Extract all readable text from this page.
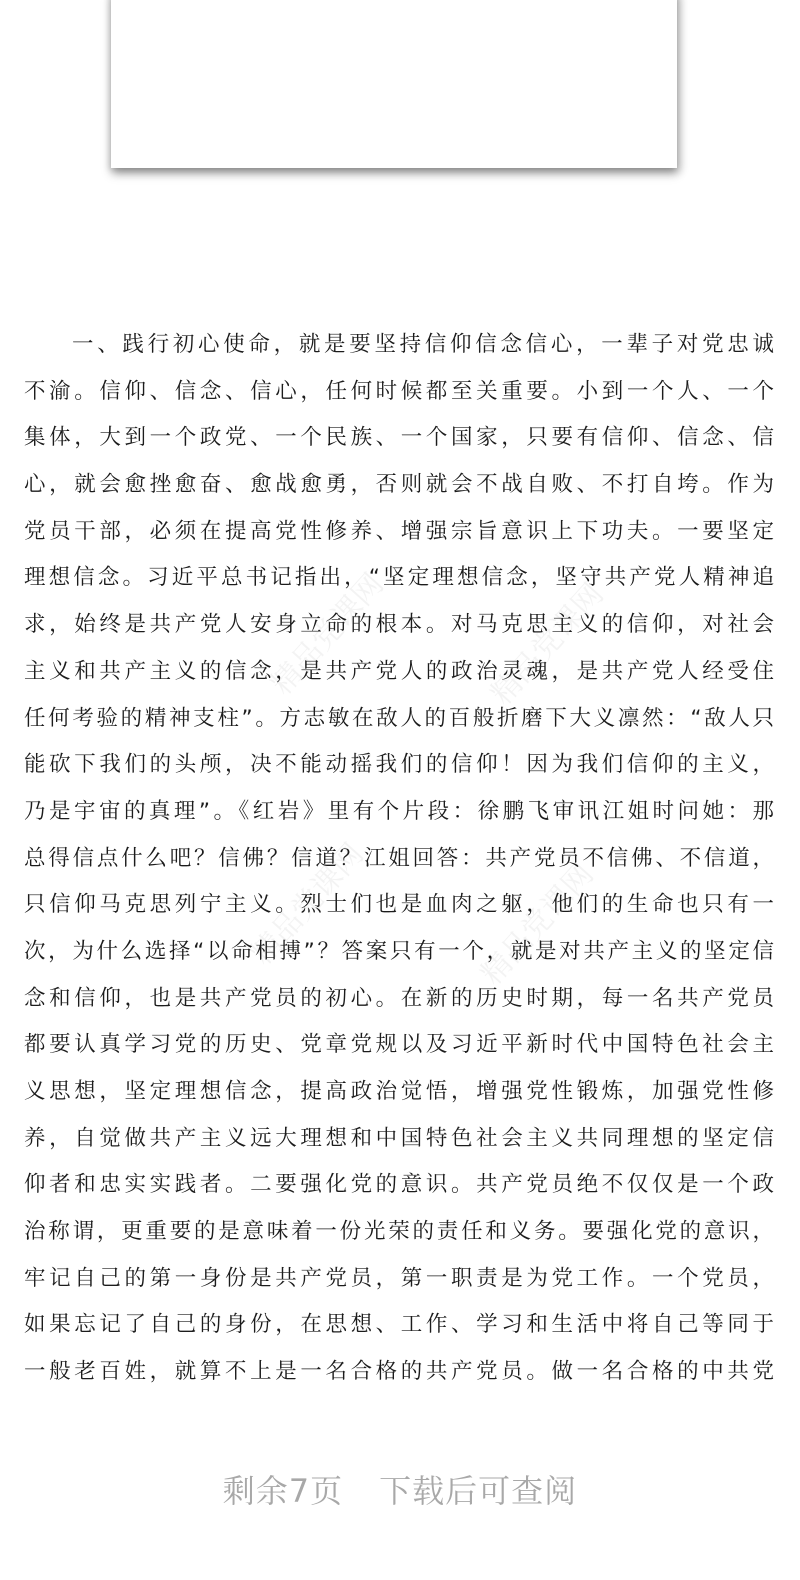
精品党课网	精品党课网
精品党课网	精品党课网
一、践行初心使命，就是要坚持信仰信念信心，一辈子对党忠诚
不渝。信仰、信念、信心，任何时候都至关重要。小到一个人、一个
集体，大到一个政党、一个民族、一个国家，只要有信仰、信念、信
心，就会愈挫愈奋、愈战愈勇，否则就会不战自败、不打自垮。作为
党员干部，必须在提高党性修养、增强宗旨意识上下功夫。一要坚定
理想信念。习近平总书记指出，“坚定理想信念，坚守共产党人精神追
求，始终是共产党人安身立命的根本。对马克思主义的信仰，对社会
主义和共产主义的信念，是共产党人的政治灵魂，是共产党人经受住
任何考验的精神支柱”。方志敏在敌人的百般折磨下大义凛然：“敌人只
能砍下我们的头颅，决不能动摇我们的信仰！因为我们信仰的主义，
乃是宇宙的真理”。《红岩》里有个片段：徐鹏飞审讯江姐时问她：那
总得信点什么吧？信佛？信道？江姐回答：共产党员不信佛、不信道，
只信仰马克思列宁主义。烈士们也是血肉之躯，他们的生命也只有一
次，为什么选择“以命相搏”？答案只有一个，就是对共产主义的坚定信
念和信仰，也是共产党员的初心。在新的历史时期，每一名共产党员
都要认真学习党的历史、党章党规以及习近平新时代中国特色社会主
义思想，坚定理想信念，提高政治觉悟，增强党性锻炼，加强党性修
养，自觉做共产主义远大理想和中国特色社会主义共同理想的坚定信
仰者和忠实实践者。二要强化党的意识。共产党员绝不仅仅是一个政
治称谓，更重要的是意味着一份光荣的责任和义务。要强化党的意识，
牢记自己的第一身份是共产党员，第一职责是为党工作。一个党员，
如果忘记了自己的身份，在思想、工作、学习和生活中将自己等同于
一般老百姓，就算不上是一名合格的共产党员。做一名合格的中共党
剩余7页 下载后可查阅
